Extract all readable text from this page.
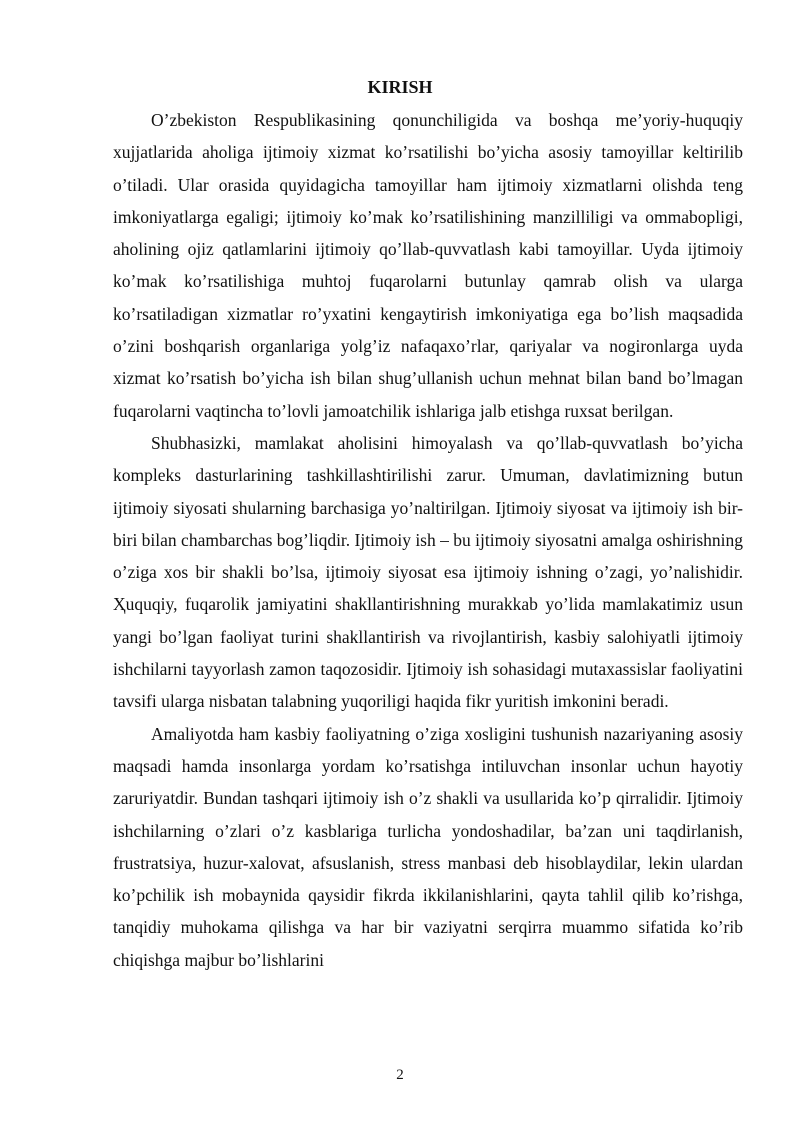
KIRISH

O’zbekiston Respublikasining qonunchiligida va boshqa me’yoriy-huquqiy xujjatlarida aholiga ijtimoiy xizmat ko’rsatilishi bo’yicha asosiy tamoyillar keltirilib o’tiladi. Ular orasida quyidagicha tamoyillar ham ijtimoiy xizmatlarni olishda teng imkoniyatlarga egaligi; ijtimoiy ko’mak ko’rsatilishining manzilliligi va ommabopligi, aholining ojiz qatlamlarini ijtimoiy qo’llab-quvvatlash kabi tamoyillar. Uyda ijtimoiy ko’mak ko’rsatilishiga muhtoj fuqarolarni butunlay qamrab olish va ularga ko’rsatiladigan xizmatlar ro’yxatini kengaytirish imkoniyatiga ega bo’lish maqsadida o’zini boshqarish organlariga yolg’iz nafaqaxo’rlar, qariyalar va nogironlarga uyda xizmat ko’rsatish bo’yicha ish bilan shug’ullanish uchun mehnat bilan band bo’lmagan fuqarolarni vaqtincha to’lovli jamoatchilik ishlariga jalb etishga ruxsat berilgan.

Shubhasizki, mamlakat aholisini himoyalash va qo’llab-quvvatlash bo’yicha kompleks dasturlarining tashkillashtirilishi zarur. Umuman, davlatimizning butun ijtimoiy siyosati shularning barchasiga yo’naltirilgan. Ijtimoiy siyosat va ijtimoiy ish bir-biri bilan chambarchas bog’liqdir. Ijtimoiy ish – bu ijtimoiy siyosatni amalga oshirishning o’ziga xos bir shakli bo’lsa, ijtimoiy siyosat esa ijtimoiy ishning o’zagi, yo’nalishidir. Ҳuquqiy, fuqarolik jamiyatini shakllantirishning murakkab yo’lida mamlakatimiz usun yangi bo’lgan faoliyat turini shakllantirish va rivojlantirish, kasbiy salohiyatli ijtimoiy ishchilarni tayyorlash zamon taqozosidir. Ijtimoiy ish sohasidagi mutaxassislar faoliyatini tavsifi ularga nisbatan talabning yuqoriligi haqida fikr yuritish imkonini beradi.

Amaliyotda ham kasbiy faoliyatning o’ziga xosligini tushunish nazariyaning asosiy maqsadi hamda insonlarga yordam ko’rsatishga intiluvchan insonlar uchun hayotiy zaruriyatdir. Bundan tashqari ijtimoiy ish o’z shakli va usullarida ko’p qirralidir. Ijtimoiy ishchilarning o’zlari o’z kasblariga turlicha yondoshadilar, ba’zan uni taqdirlanish, frustratsiya, huzur-xalovat, afsuslanish, stress manbasi deb hisoblaydilar, lekin ulardan ko’pchilik ish mobaynida qaysidir fikrda ikkilanishlarini, qayta tahlil qilib ko’rishga, tanqidiy muhokama qilishga va har bir vaziyatni serqirra muammo sifatida ko’rib chiqishga majbur bo’lishlarini

2
